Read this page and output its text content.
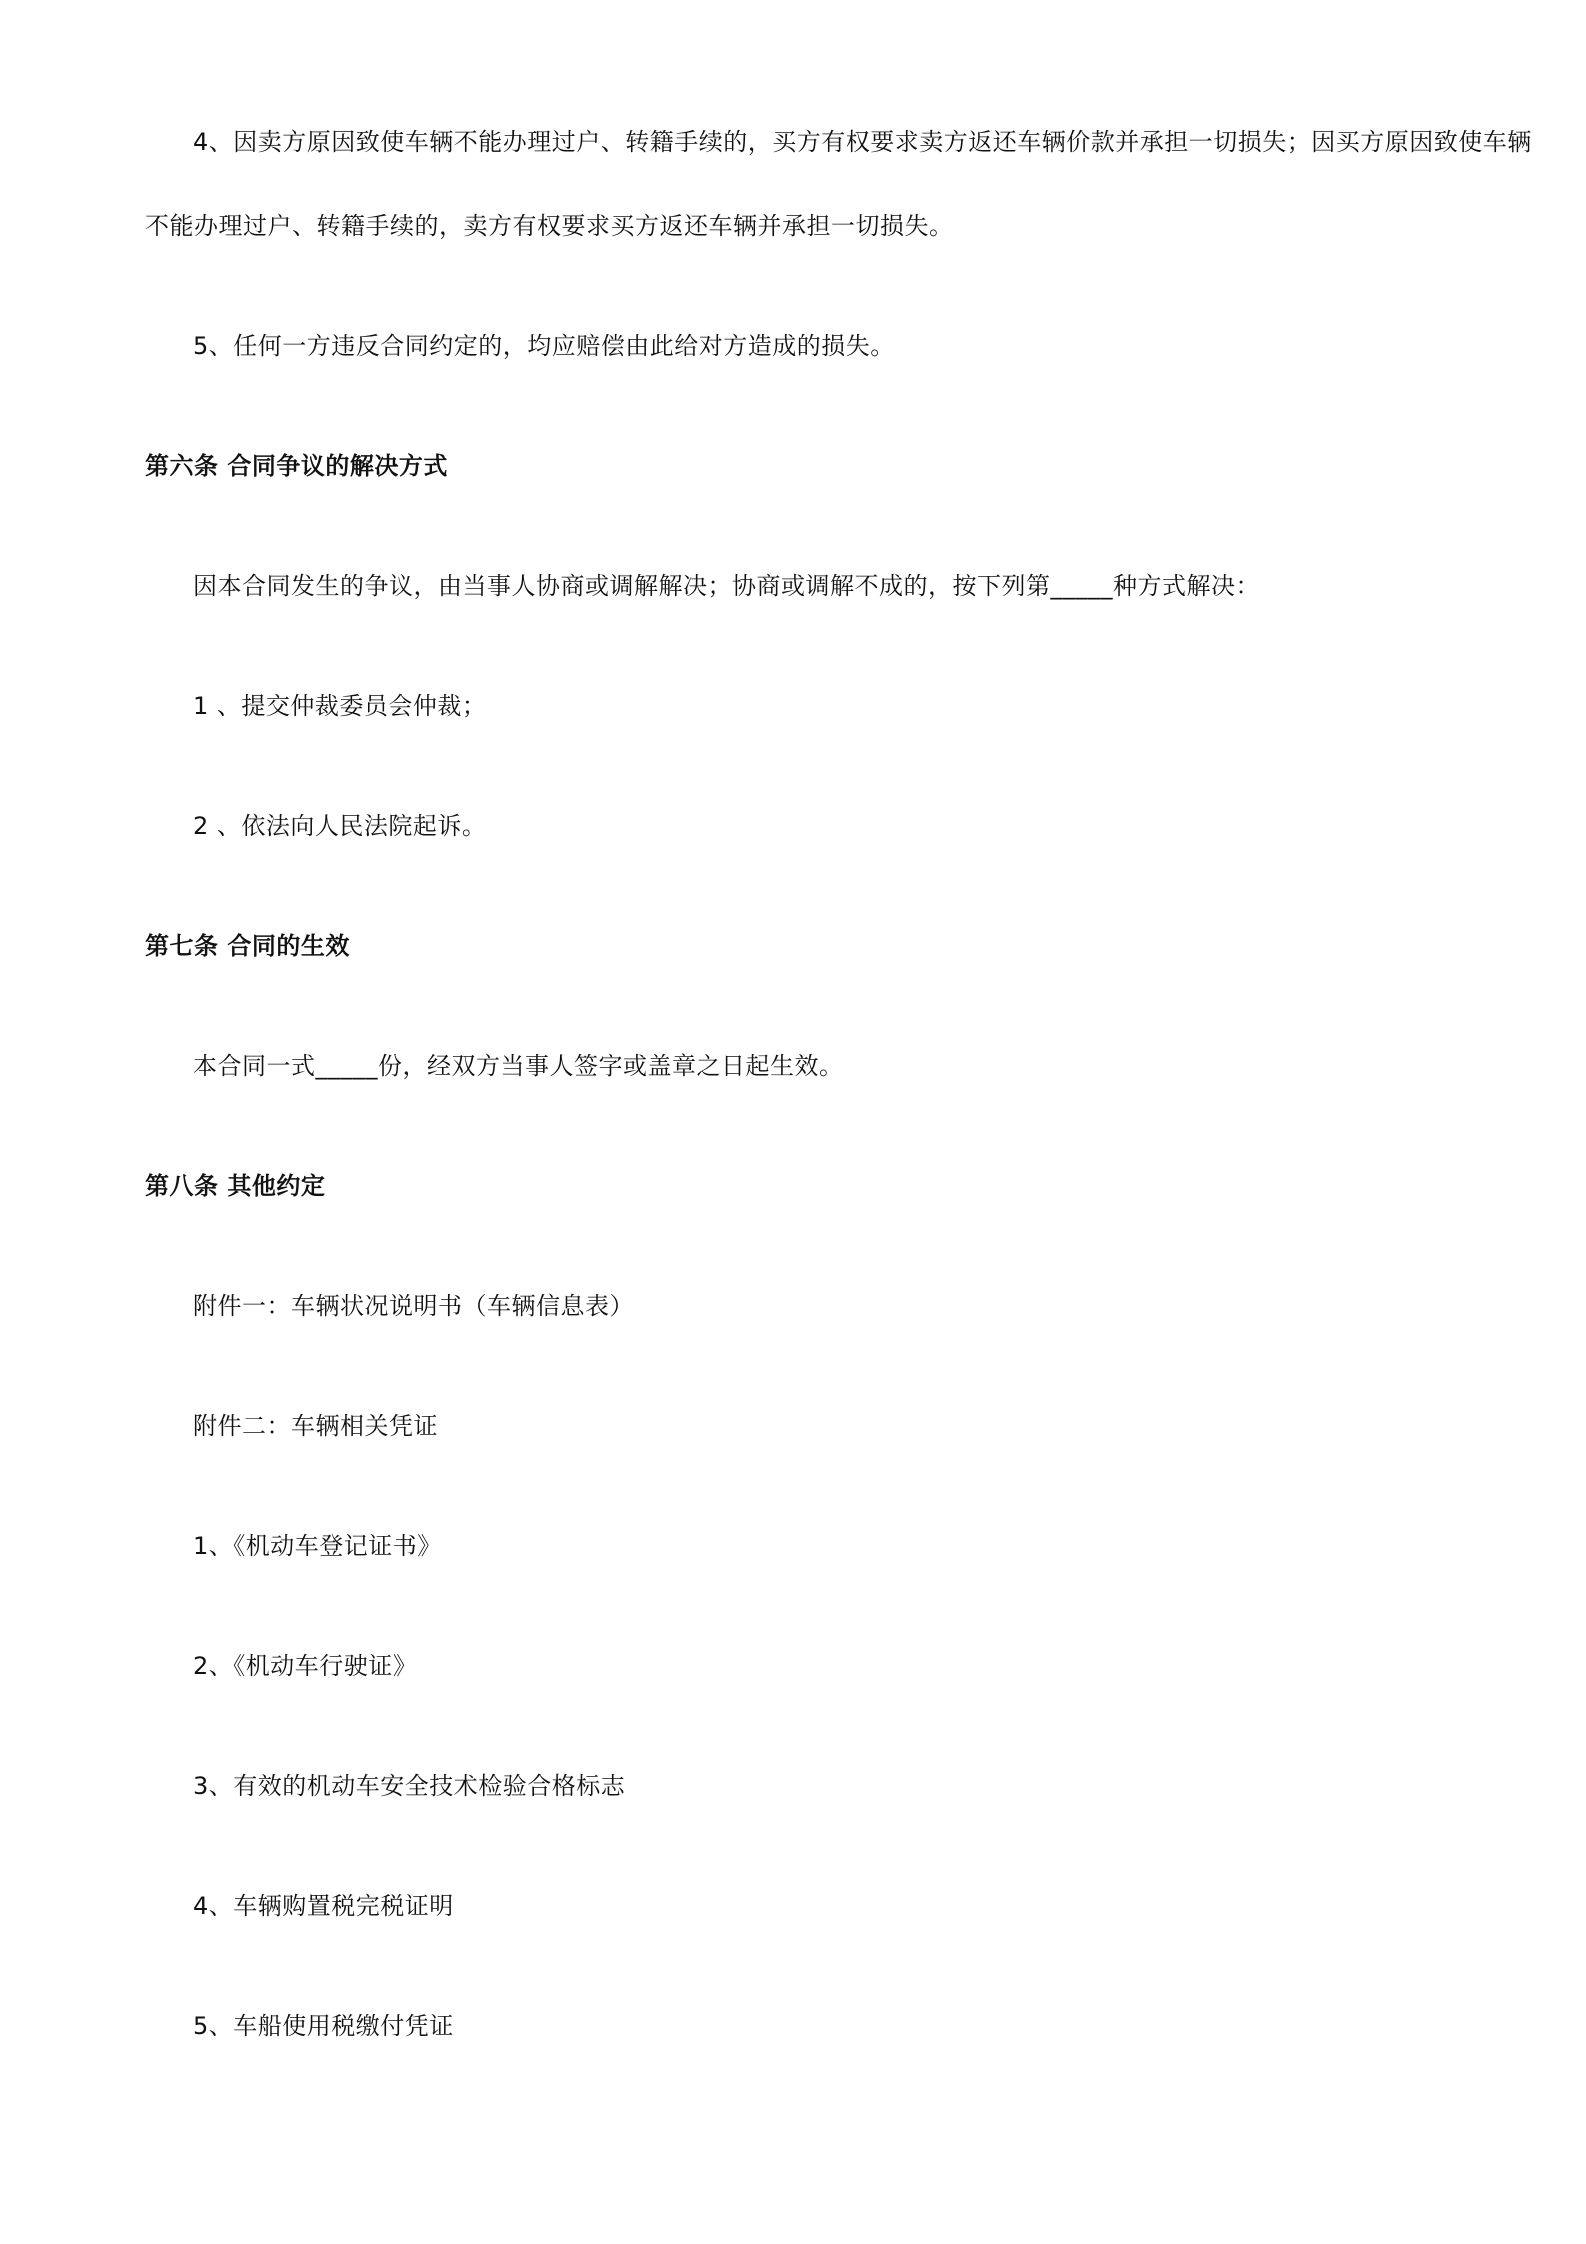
4、因卖方原因致使车辆不能办理过户、转籍手续的，买方有权要求卖方返还车辆价款并承担一切损失；因买方原因致使车辆
不能办理过户、转籍手续的，卖方有权要求买方返还车辆并承担一切损失。
5、任何一方违反合同约定的，均应赔偿由此给对方造成的损失。
第六条 合同争议的解决方式
因本合同发生的争议，由当事人协商或调解解决；协商或调解不成的，按下列第_____种方式解决：
1 、提交仲裁委员会仲裁；
2 、依法向人民法院起诉。
第七条 合同的生效
本合同一式_____份，经双方当事人签字或盖章之日起生效。
第八条 其他约定
附件一：车辆状况说明书（车辆信息表）
附件二：车辆相关凭证
1、《机动车登记证书》
2、《机动车行驶证》
3、有效的机动车安全技术检验合格标志
4、车辆购置税完税证明
5、车船使用税缴付凭证
